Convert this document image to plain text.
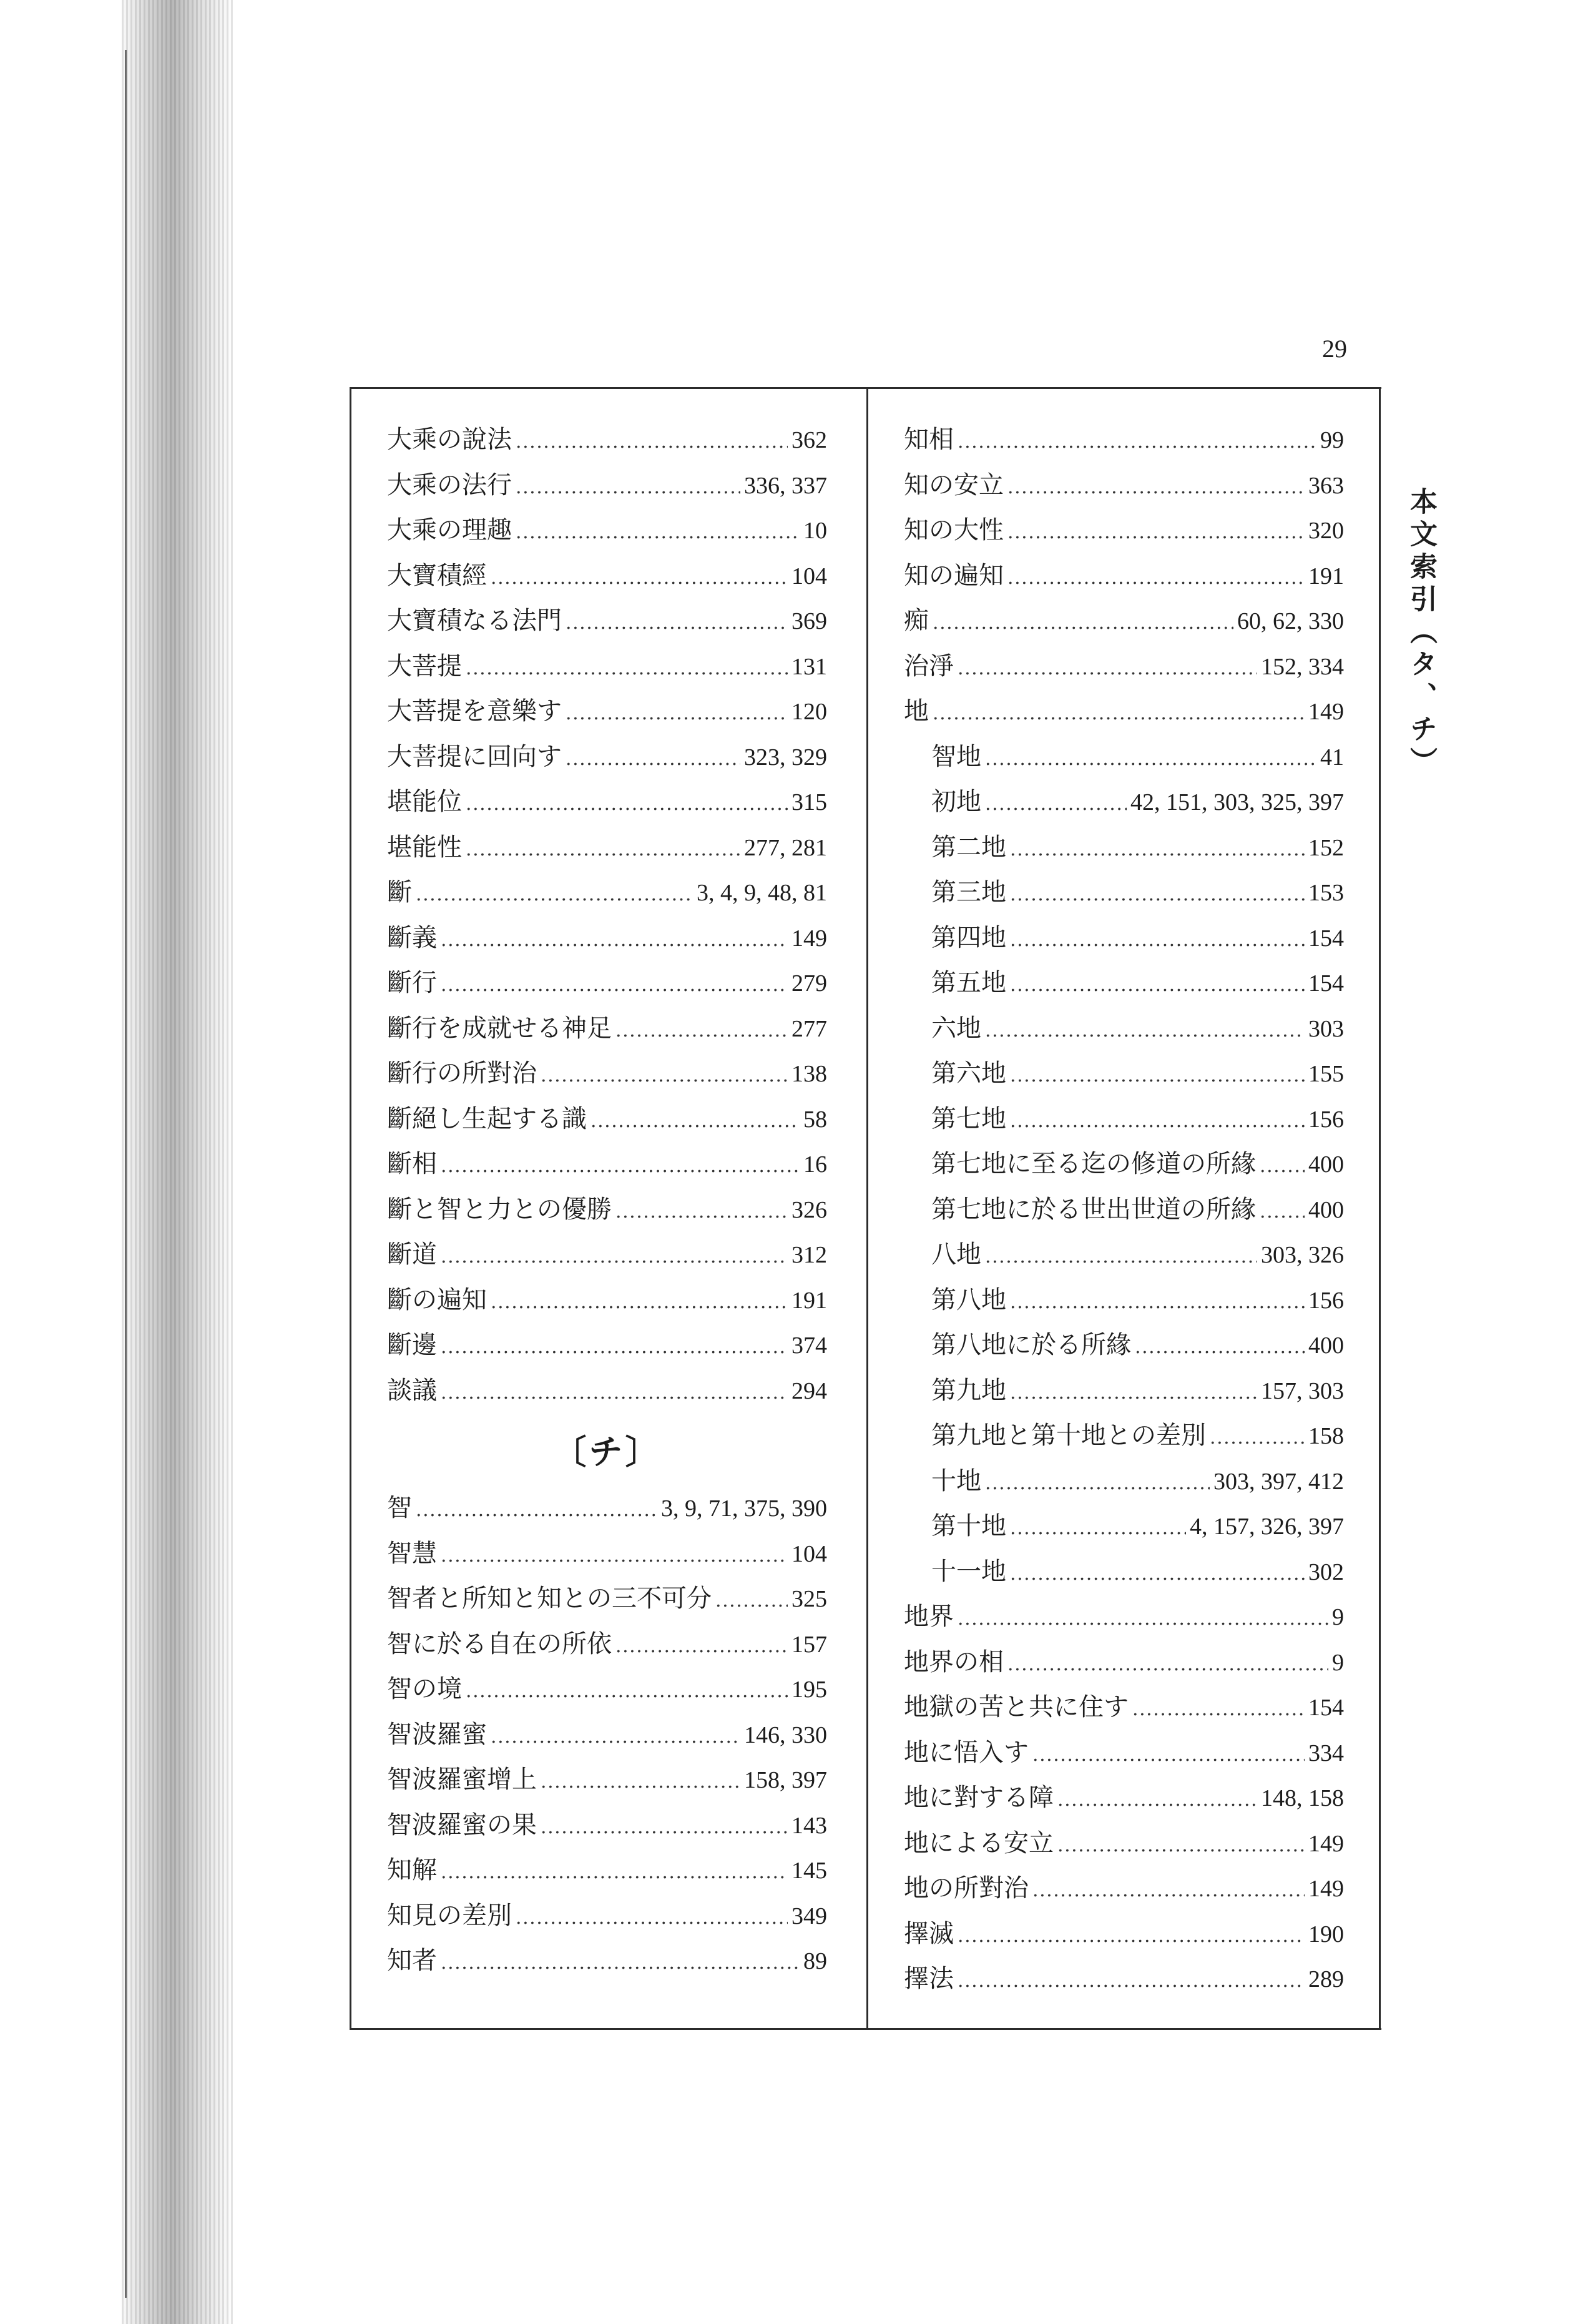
29
大乘の說法 . . .	362
大乘の法行 . . .	336, 337
大乘の理趣 . . .	10
大寶積經 . . .	104
大寶積なる法門 . . .	369
大菩提 . . .	131
大菩提を意樂す . . .	120
大菩提に回向す . . .	323, 329
堪能位 . . .	315
堪能性 . . .	277, 281
斷 . . .	3, 4, 9, 48, 81
斷義 . . .	149
斷行 . . .	279
斷行を成就せる神足 . . .	277
斷行の所對治 . . .	138
斷絕し生起する識 . . .	58
斷相 . . .	16
斷と智と力との優勝 . . .	326
斷道 . . .	312
斷の遍知 . . .	191
斷邊 . . .	374
談議 . . .	294
〔チ〕
智 . . .	3, 9, 71, 375, 390
智慧 . . .	104
智者と所知と知との三不可分 . . .	325
智に於る自在の所依 . . .	157
智の境 . . .	195
智波羅蜜 . . .	146, 330
智波羅蜜增上 . . .	158, 397
智波羅蜜の果 . . .	143
知解 . . .	145
知見の差別 . . .	349
知者 . . .	89
知相 . . .	99
知の安立 . . .	363
知の大性 . . .	320
知の遍知 . . .	191
痴 . . .	60, 62, 330
治淨 . . .	152, 334
地 . . .	149
智地 . . .	41
初地 . . .	42, 151, 303, 325, 397
第二地 . . .	152
第三地 . . .	153
第四地 . . .	154
第五地 . . .	154
六地 . . .	303
第六地 . . .	155
第七地 . . .	156
第七地に至る迄の修道の所緣 . . . 400
第七地に於る世出世道の所緣 . . . 400
八地 . . .	303, 326
第八地 . . .	156
第八地に於る所緣 . . .	400
第九地 . . .	157, 303
第九地と第十地との差別 . . .	158
十地 . . .	303, 397, 412
第十地 . . .	4, 157, 326, 397
十一地 . . .	302
地界 . . .	9
地界の相 . . .	9
地獄の苦と共に住す . . .	154
地に悟入す . . .	334
地に對する障 . . .	148, 158
地による安立 . . .	149
地の所對治 . . .	149
擇滅 . . .	190
擇法 . . .	289
本文索引（タ、チ）
